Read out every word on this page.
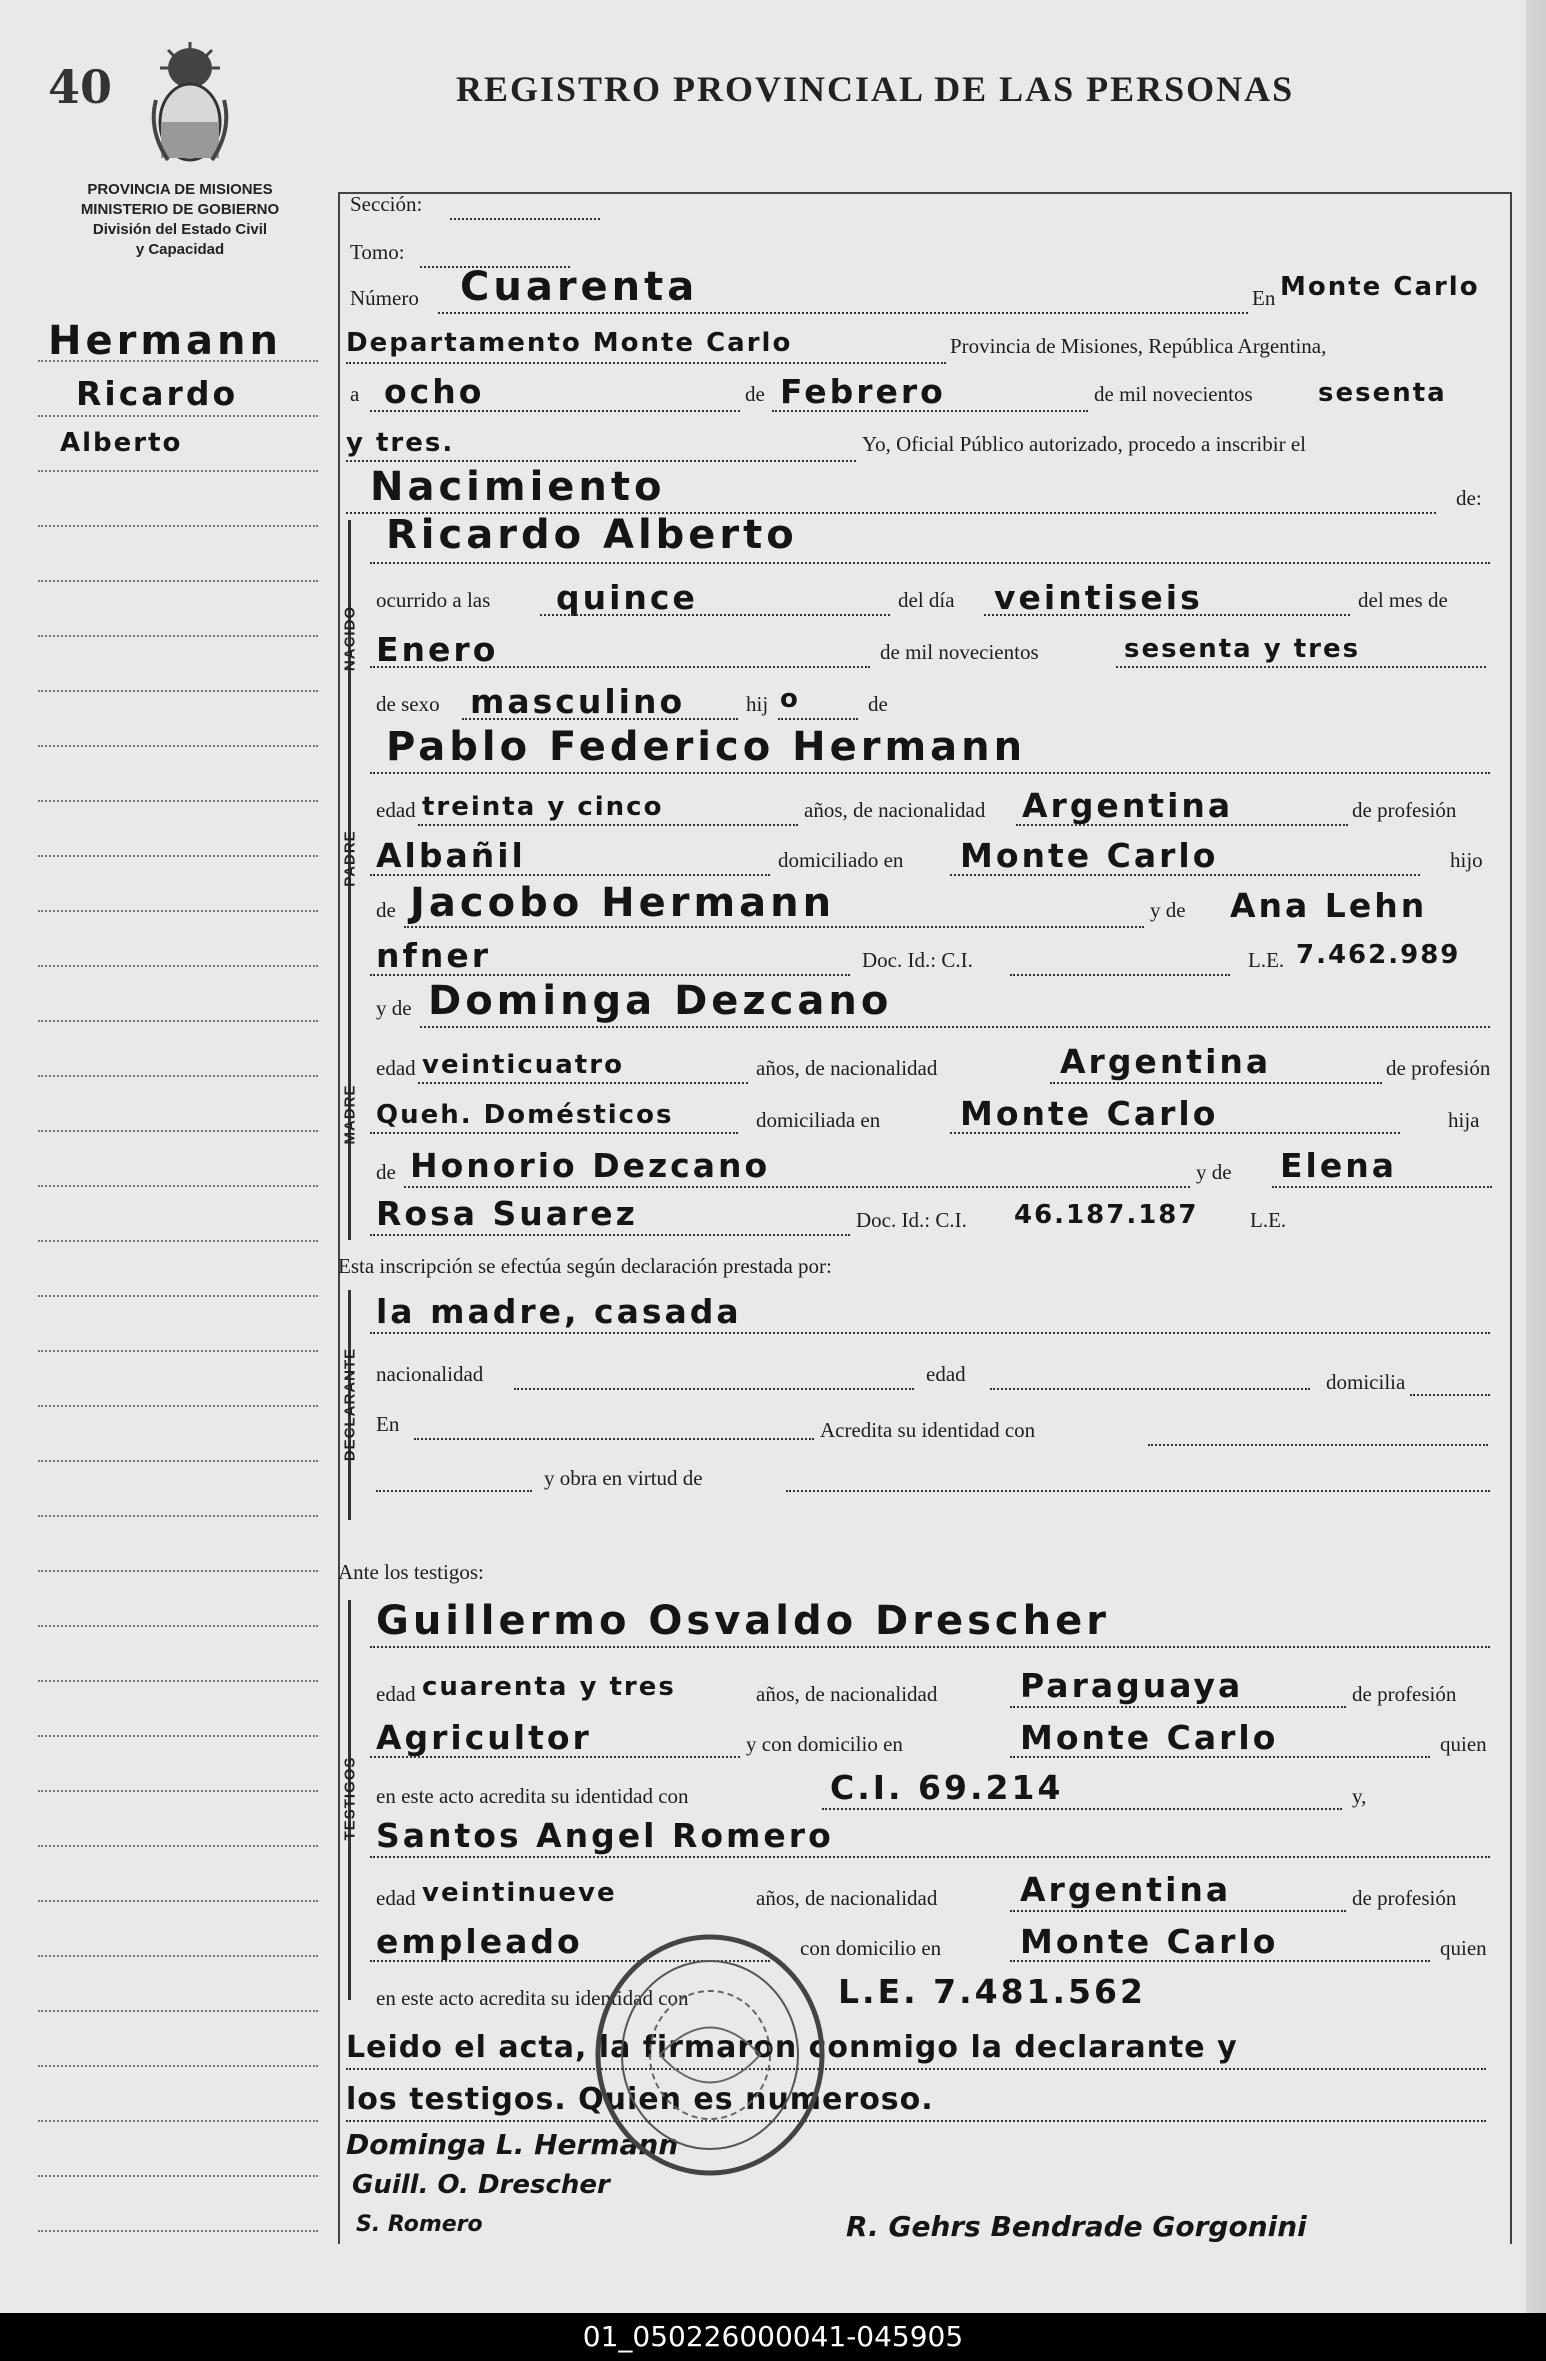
40	REGISTRO PROVINCIAL DE LAS PERSONAS
PROVINCIA DE MISIONES
MINISTERIO DE GOBIERNO
División del Estado Civil
y Capacidad
Hermann
Ricardo
Alberto
Sección:
Tomo:
Número Cuarenta	En Monte Carlo
Departamento Monte Carlo	Provincia de Misiones, República Argentina,
a ocho	de Febrero	de mil novecientos	sesenta
y tres.	Yo, Oficial Público autorizado, procedo a inscribir el
Nacimiento	de:
NACIDO
Ricardo Alberto
ocurrido a las quince	del día veintiseis	del mes de
Enero	de mil novecientos	sesenta y tres
de sexo masculino	hij o	de
PADRE
Pablo Federico Hermann
edad treinta y cinco	años, de nacionalidad Argentina	de profesión
Albañil	domiciliado en Monte Carlo	hijo
de Jacobo Hermann	y de Ana Lehn
nfner	Doc. Id.: C.I.	L.E. 7.462.989
MADRE
y de Dominga Dezcano
edad veinticuatro	años, de nacionalidad	Argentina	de profesión
Queh. Domésticos	domiciliada en Monte Carlo	hija
de Honorio Dezcano	y de Elena
Rosa Suarez	Doc. Id.: C.I. 46.187.187 L.E.
Esta inscripción se efectúa según declaración prestada por:
DECLARANTE
la madre, casada
nacionalidad	edad	domicilia
En	Acredita su identidad con
y obra en virtud de
Ante los testigos:
TESTIGOS
Guillermo Osvaldo Drescher
edad cuarenta y tres	años, de nacionalidad	Paraguaya	de profesión
Agricultor	y con domicilio en	Monte Carlo	quien
en este acto acredita su identidad con	C.I. 69.214	y,
Santos Angel Romero
edad veintinueve	años, de nacionalidad	Argentina	de profesión
empleado	con domicilio en Monte Carlo	quien
en este acto acredita su identidad con	L.E. 7.481.562
Leido el acta, la firmaron conmigo la declarante y
los testigos. Quien es numeroso.
Dominga L. Hermann
Guill. O. Drescher
S. Romero	R. Gehrs Bendrade Gorgonini
01_050226000041-045905
